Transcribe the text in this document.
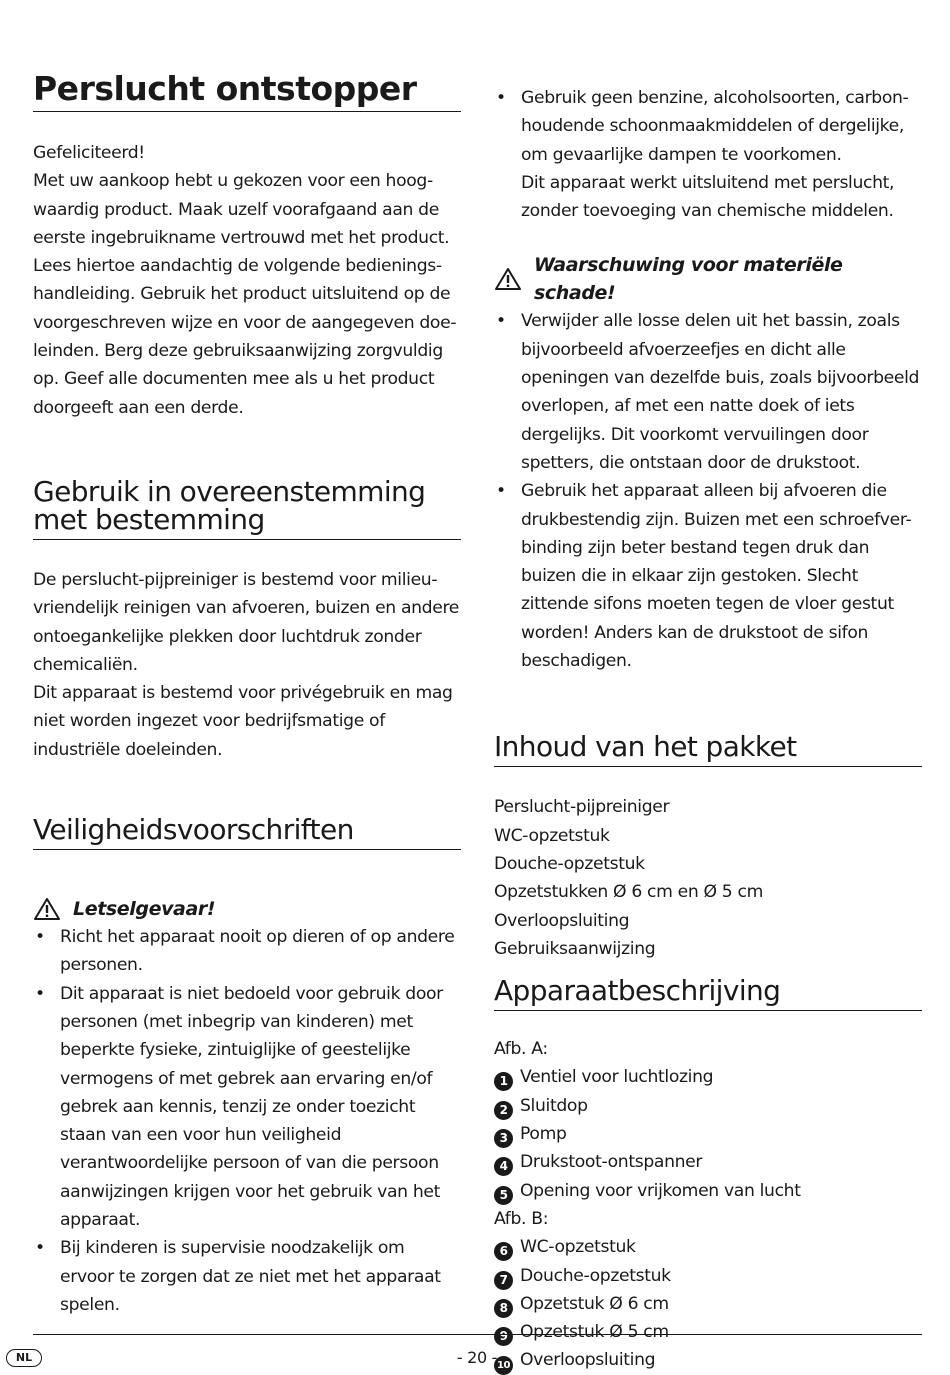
Perslucht ontstopper

Gefeliciteerd!

Met uw aankoop hebt u gekozen voor een hoog-waardig product. Maak uzelf voorafgaand aan de eerste ingebruikname vertrouwd met het product. Lees hiertoe aandachtig de volgende bedienings-handleiding. Gebruik het product uitsluitend op de voorgeschreven wijze en voor de aangegeven doe-leinden. Berg deze gebruiksaanwijzing zorgvuldig op. Geef alle documenten mee als u het product doorgeeft aan een derde.

Gebruik in overeenstemming met bestemming

De perslucht-pijpreiniger is bestemd voor milieu-vriendelijk reinigen van afvoeren, buizen en andere ontoegankelijke plekken door luchtdruk zonder chemicaliën.

Dit apparaat is bestemd voor privégebruik en mag niet worden ingezet voor bedrijfsmatige of industriële doeleinden.

Veiligheidsvoorschriften
Letselgevaar!
• Richt het apparaat nooit op dieren of op andere personen.
• Dit apparaat is niet bedoeld voor gebruik door personen (met inbegrip van kinderen) met beperkte fysieke, zintuiglijke of geestelijke vermogens of met gebrek aan ervaring en/of gebrek aan kennis, tenzij ze onder toezicht staan van een voor hun veiligheid verantwoordelijke persoon of van die persoon aanwijzingen krijgen voor het gebruik van het apparaat.
• Bij kinderen is supervisie noodzakelijk om ervoor te zorgen dat ze niet met het apparaat spelen.
• Gebruik geen benzine, alcoholsoorten, carbon-houdende schoonmaakmiddelen of dergelijke, om gevaarlijke dampen te voorkomen.
Dit apparaat werkt uitsluitend met perslucht, zonder toevoeging van chemische middelen.
Waarschuwing voor materiële schade!
• Verwijder alle losse delen uit het bassin, zoals bijvoorbeeld afvoerzeefjes en dicht alle openingen van dezelfde buis, zoals bijvoorbeeld overlopen, af met een natte doek of iets dergelijks. Dit voorkomt vervuilingen door spetters, die ontstaan door de drukstoot.
• Gebruik het apparaat alleen bij afvoeren die drukbestendig zijn. Buizen met een schroefver-binding zijn beter bestand tegen druk dan buizen die in elkaar zijn gestoken. Slecht zittende sifons moeten tegen de vloer gestut worden! Anders kan de drukstoot de sifon beschadigen.
Inhoud van het pakket
Perslucht-pijpreiniger
WC-opzetstuk
Douche-opzetstuk
Opzetstukken Ø 6 cm en Ø 5 cm
Overloopsluiting
Gebruiksaanwijzing
Apparaatbeschrijving
Afb. A:
1 Ventiel voor luchtlozing
2 Sluitdop
3 Pomp
4 Drukstoot-ontspanner
5 Opening voor vrijkomen van lucht
Afb. B:
6 WC-opzetstuk
7 Douche-opzetstuk
8 Opzetstuk Ø 6 cm
9 Opzetstuk Ø 5 cm
10 Overloopsluiting
NL	- 20 -
